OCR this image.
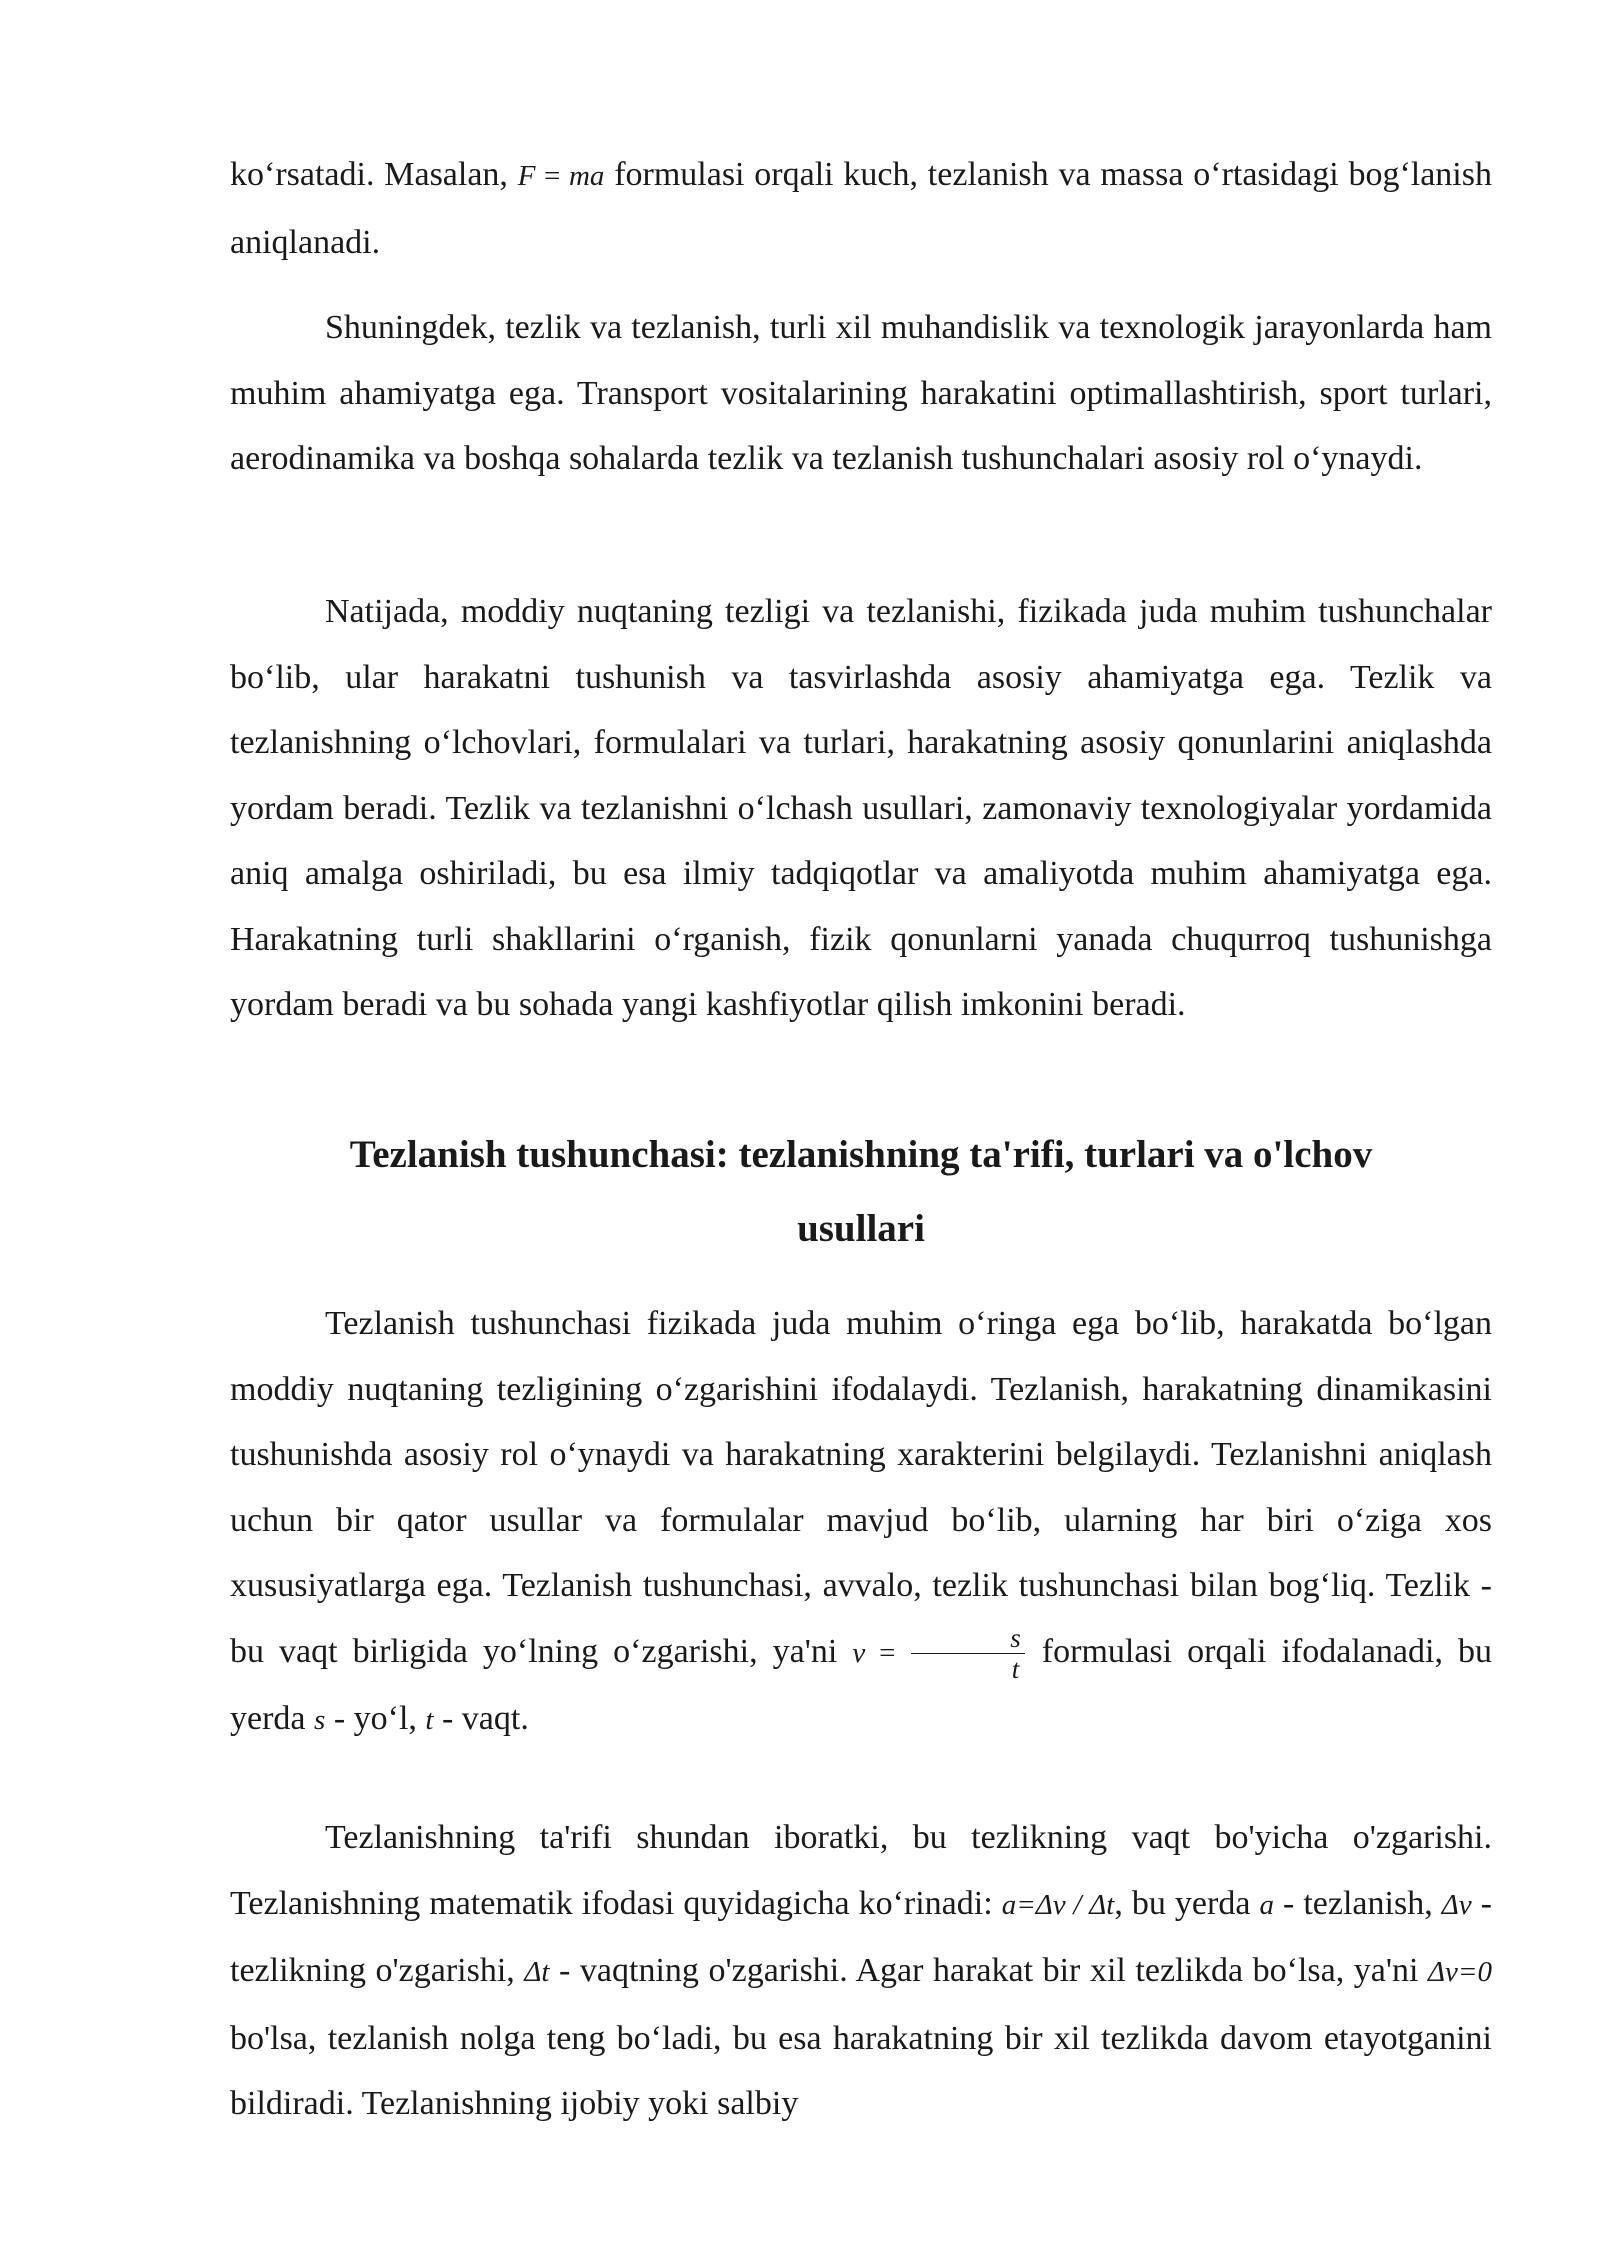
ko‘rsatadi. Masalan, F = ma formulasi orqali kuch, tezlanish va massa o‘rtasidagi bog‘lanish aniqlanadi.

Shuningdek, tezlik va tezlanish, turli xil muhandislik va texnologik jarayonlarda ham muhim ahamiyatga ega. Transport vositalarining harakatini optimallashtirish, sport turlari, aerodinamika va boshqa sohalarda tezlik va tezlanish tushunchalari asosiy rol o‘ynaydi.

Natijada, moddiy nuqtaning tezligi va tezlanishi, fizikada juda muhim tushunchalar bo‘lib, ular harakatni tushunish va tasvirlashda asosiy ahamiyatga ega. Tezlik va tezlanishning o‘lchovlari, formulalari va turlari, harakatning asosiy qonunlarini aniqlashda yordam beradi. Tezlik va tezlanishni o‘lchash usullari, zamonaviy texnologiyalar yordamida aniq amalga oshiriladi, bu esa ilmiy tadqiqotlar va amaliyotda muhim ahamiyatga ega. Harakatning turli shakllarini o‘rganish, fizik qonunlarni yanada chuqurroq tushunishga yordam beradi va bu sohada yangi kashfiyotlar qilish imkonini beradi.

Tezlanish tushunchasi: tezlanishning ta'rifi, turlari va o'lchov
usullari

Tezlanish tushunchasi fizikada juda muhim o‘ringa ega bo‘lib, harakatda bo‘lgan moddiy nuqtaning tezligining o‘zgarishini ifodalaydi. Tezlanish, harakatning dinamikasini tushunishda asosiy rol o‘ynaydi va harakatning xarakterini belgilaydi. Tezlanishni aniqlash uchun bir qator usullar va formulalar mavjud bo‘lib, ularning har biri o‘ziga xos xususiyatlarga ega. Tezlanish tushunchasi, avvalo, tezlik tushunchasi bilan bog‘liq. Tezlik - bu vaqt birligida yo‘lning o‘zgarishi, ya'ni $v = \frac{s}{t}$ formulasi orqali ifodalanadi, bu yerda s - yo‘l, t - vaqt.

Tezlanishning ta'rifi shundan iboratki, bu tezlikning vaqt bo'yicha o'zgarishi. Tezlanishning matematik ifodasi quyidagicha ko‘rinadi: a=Δv / Δt, bu yerda a - tezlanish, Δv - tezlikning o'zgarishi, Δt - vaqtning o'zgarishi. Agar harakat bir xil tezlikda bo‘lsa, ya'ni Δv=0 bo'lsa, tezlanish nolga teng bo‘ladi, bu esa harakatning bir xil tezlikda davom etayotganini bildiradi. Tezlanishning ijobiy yoki salbiy
